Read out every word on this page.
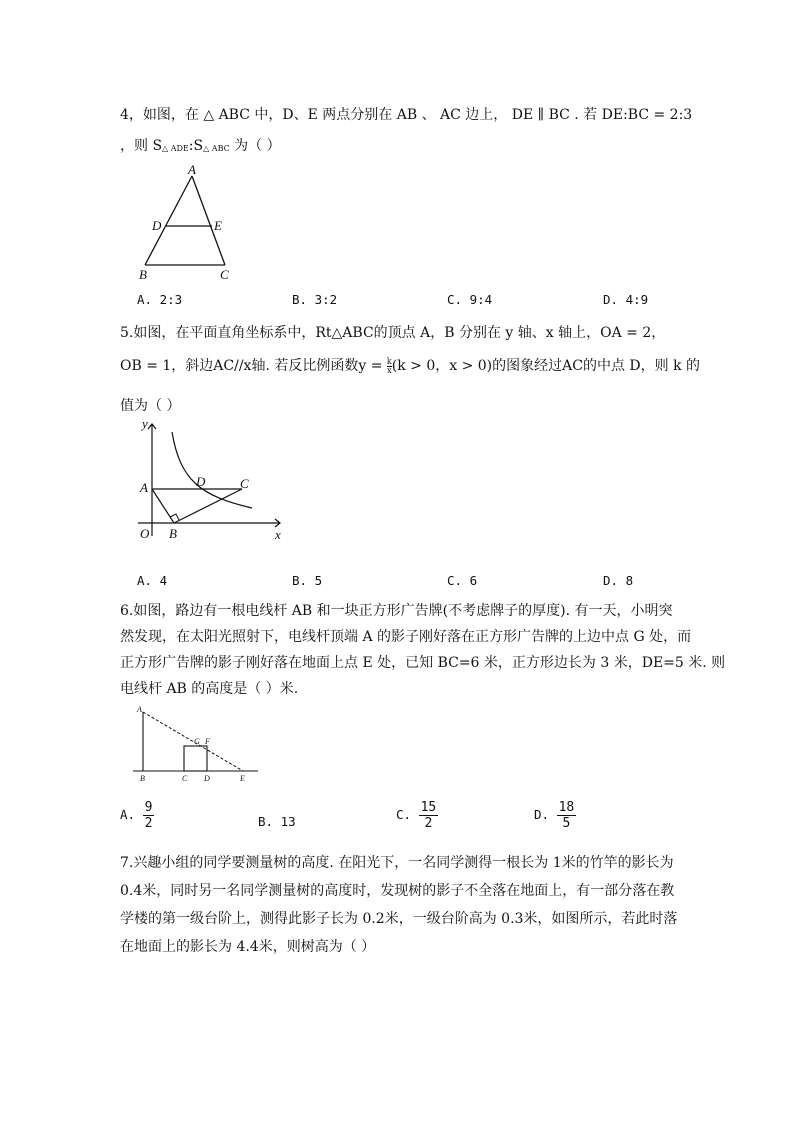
4，如图，在 △ ABC 中，D、E 两点分别在 AB 、 AC 边上， DE ∥ BC . 若 DE:BC = 2:3
，则 S△ ADE:S△ ABC 为（ ）
A
D	E
B	C
A. 2:3	B. 3:2	C. 9:4	D. 4:9
5.如图，在平面直角坐标系中，Rt△ABC的顶点 A，B 分别在 y 轴、x 轴上，OA = 2，
OB = 1，斜边AC//x轴. 若反比例函数$y = \frac{k}{x} (k > 0$，x > 0)的图象经过AC的中点 D，则 k 的
值为（ ）
y
x
O
A
B
C
D
A. 4	B. 5	C. 6	D. 8
6.如图，路边有一根电线杆 AB 和一块正方形广告牌(不考虑牌子的厚度). 有一天，小明突
然发现，在太阳光照射下，电线杆顶端 A 的影子刚好落在正方形广告牌的上边中点 G 处，而
正方形广告牌的影子刚好落在地面上点 E 处，已知 BC=6 米，正方形边长为 3 米，DE=5 米. 则
电线杆 AB 的高度是（ ）米.
A
G F
B	C D	E
A. $\frac{9}{2}$	B. 13	C. $\frac{15}{2}$	D. $\frac{18}{5}$
7.兴趣小组的同学要测量树的高度. 在阳光下，一名同学测得一根长为 1米的竹竿的影长为
0.4米，同时另一名同学测量树的高度时，发现树的影子不全落在地面上，有一部分落在教
学楼的第一级台阶上，测得此影子长为 0.2米，一级台阶高为 0.3米，如图所示，若此时落
在地面上的影长为 4.4米，则树高为（ ）
